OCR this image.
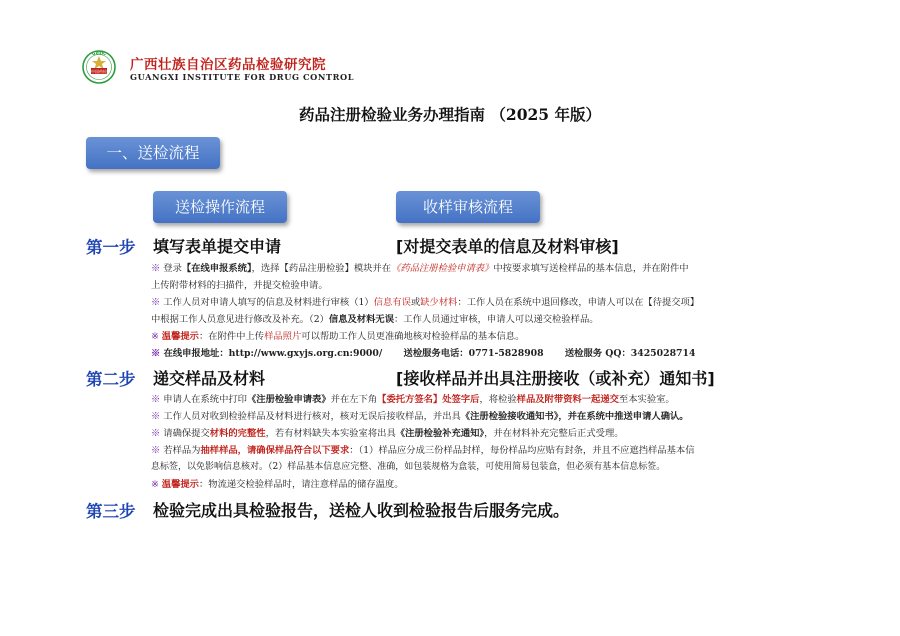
GXIDC
中国药检 广西壮族自治区药品检验研究院
GUANGXI INSTITUTE FOR DRUG CONTROL
药品注册检验业务办理指南 （2025 年版）
一、送检流程
送检操作流程	收样审核流程
第一步 填写表单提交申请	[对提交表单的信息及材料审核]
※ 登录【在线申报系统】，选择【药品注册检验】模块并在《药品注册检验申请表》中按要求填写送检样品的基本信息，并在附件中
上传附带材料的扫描件，并提交检验申请。
※ 工作人员对申请人填写的信息及材料进行审核（1）信息有误或缺少材料：工作人员在系统中退回修改，申请人可以在【待提交项】
中根据工作人员意见进行修改及补充。（2）信息及材料无误：工作人员通过审核，申请人可以递交检验样品。
※ 温馨提示：在附件中上传样品照片可以帮助工作人员更准确地核对检验样品的基本信息。
※ 在线申报地址：http://www.gxyjs.org.cn:9000/ 送检服务电话：0771-5828908 送检服务 QQ：3425028714
第二步 递交样品及材料	[接收样品并出具注册接收（或补充）通知书]
※ 申请人在系统中打印《注册检验申请表》并在左下角【委托方签名】处签字后，将检验样品及附带资料一起递交至本实验室。
※ 工作人员对收到检验样品及材料进行核对，核对无误后接收样品，并出具《注册检验接收通知书》，并在系统中推送申请人确认。
※ 请确保提交材料的完整性，若有材料缺失本实验室将出具《注册检验补充通知》，并在材料补充完整后正式受理。
※ 若样品为抽样样品，请确保样品符合以下要求：（1）样品应分成三份样品封样，每份样品均应贴有封条，并且不应遮挡样品基本信
息标签，以免影响信息核对。（2）样品基本信息应完整、准确，如包装规格为盒装，可使用简易包装盒，但必须有基本信息标签。
※ 温馨提示：物流递交检验样品时，请注意样品的储存温度。
第三步 检验完成出具检验报告，送检人收到检验报告后服务完成。
